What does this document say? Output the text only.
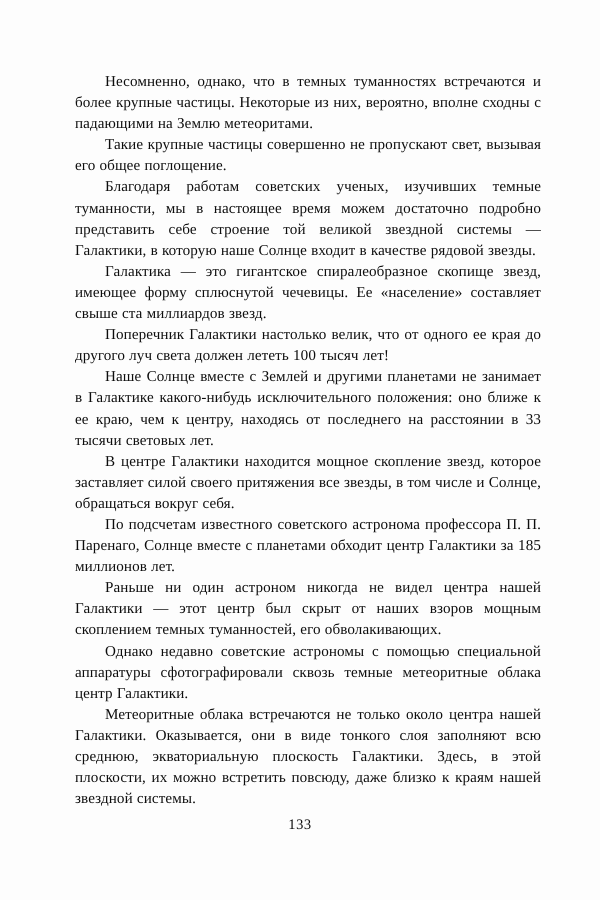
Несомненно, однако, что в темных туманностях встречаются и более крупные частицы. Некоторые из них, вероятно, вполне сходны с падающими на Землю метеоритами.

Такие крупные частицы совершенно не пропускают свет, вызывая его общее поглощение.

Благодаря работам советских ученых, изучивших темные туманности, мы в настоящее время можем достаточно подробно представить себе строение той великой звездной системы — Галактики, в которую наше Солнце входит в качестве рядовой звезды.

Галактика — это гигантское спиралеобразное скопище звезд, имеющее форму сплюснутой чечевицы. Ее «население» составляет свыше ста миллиардов звезд.

Поперечник Галактики настолько велик, что от одного ее края до другого луч света должен лететь 100 тысяч лет!

Наше Солнце вместе с Землей и другими планетами не занимает в Галактике какого-нибудь исключительного положения: оно ближе к ее краю, чем к центру, находясь от последнего на расстоянии в 33 тысячи световых лет.

В центре Галактики находится мощное скопление звезд, которое заставляет силой своего притяжения все звезды, в том числе и Солнце, обращаться вокруг себя.

По подсчетам известного советского астронома профессора П. П. Паренаго, Солнце вместе с планетами обходит центр Галактики за 185 миллионов лет.

Раньше ни один астроном никогда не видел центра нашей Галактики — этот центр был скрыт от наших взоров мощным скоплением темных туманностей, его обволакивающих.

Однако недавно советские астрономы с помощью специальной аппаратуры сфотографировали сквозь темные метеоритные облака центр Галактики.

Метеоритные облака встречаются не только около центра нашей Галактики. Оказывается, они в виде тонкого слоя заполняют всю среднюю, экваториальную плоскость Галактики. Здесь, в этой плоскости, их можно встретить повсюду, даже близко к краям нашей звездной системы.

133
